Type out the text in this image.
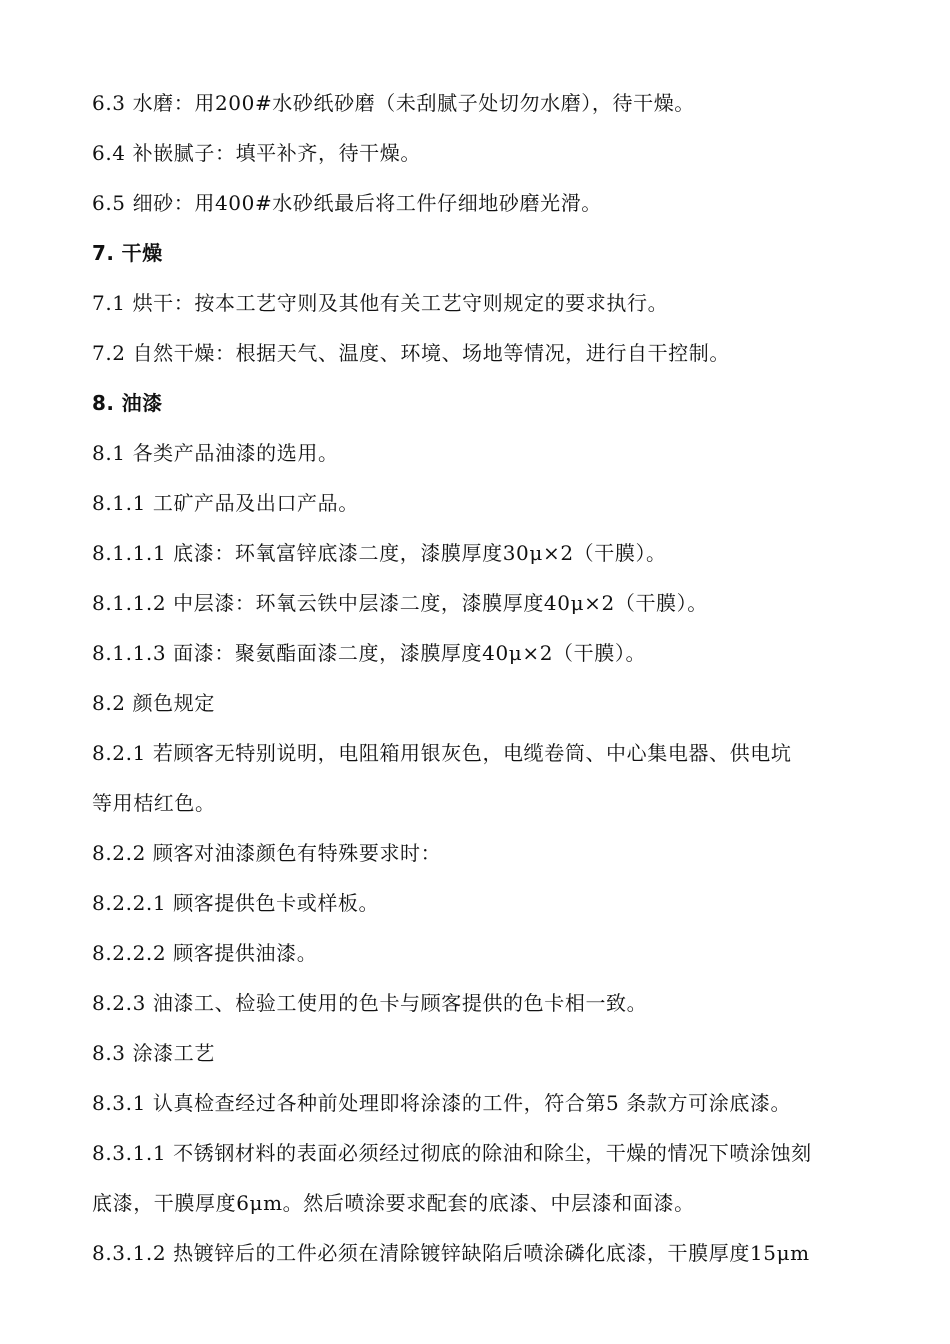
6.3 水磨：用200#水砂纸砂磨（未刮腻子处切勿水磨），待干燥。
6.4 补嵌腻子：填平补齐，待干燥。
6.5 细砂：用400#水砂纸最后将工件仔细地砂磨光滑。
7. 干燥
7.1 烘干：按本工艺守则及其他有关工艺守则规定的要求执行。
7.2 自然干燥：根据天气、温度、环境、场地等情况，进行自干控制。
8. 油漆
8.1 各类产品油漆的选用。
8.1.1 工矿产品及出口产品。
8.1.1.1 底漆：环氧富锌底漆二度，漆膜厚度30μ×2（干膜）。
8.1.1.2 中层漆：环氧云铁中层漆二度，漆膜厚度40μ×2（干膜）。
8.1.1.3 面漆：聚氨酯面漆二度，漆膜厚度40μ×2（干膜）。
8.2 颜色规定
8.2.1 若顾客无特别说明，电阻箱用银灰色，电缆卷筒、中心集电器、供电坑
等用桔红色。
8.2.2 顾客对油漆颜色有特殊要求时：
8.2.2.1 顾客提供色卡或样板。
8.2.2.2 顾客提供油漆。
8.2.3 油漆工、检验工使用的色卡与顾客提供的色卡相一致。
8.3 涂漆工艺
8.3.1 认真检查经过各种前处理即将涂漆的工件，符合第5 条款方可涂底漆。
8.3.1.1 不锈钢材料的表面必须经过彻底的除油和除尘，干燥的情况下喷涂蚀刻
底漆，干膜厚度6μm。然后喷涂要求配套的底漆、中层漆和面漆。
8.3.1.2 热镀锌后的工件必须在清除镀锌缺陷后喷涂磷化底漆，干膜厚度15μm
